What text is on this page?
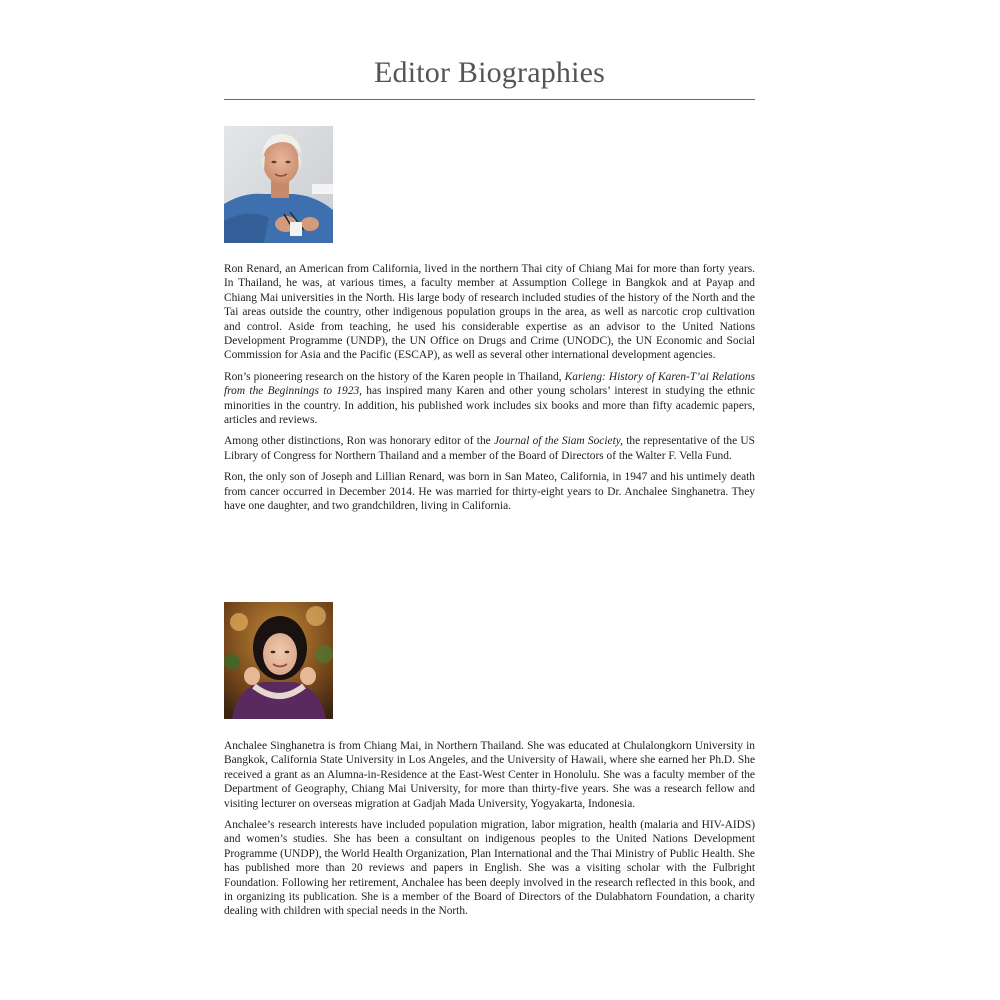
Editor Biographies

Ron Renard, an American from California, lived in the northern Thai city of Chiang Mai for more than forty years. In Thailand, he was, at various times, a faculty member at Assumption College in Bangkok and at Payap and Chiang Mai universities in the North. His large body of research included studies of the history of the North and the Tai areas outside the country, other indigenous population groups in the area, as well as narcotic crop cultivation and control. Aside from teaching, he used his considerable expertise as an advisor to the United Nations Development Programme (UNDP), the UN Office on Drugs and Crime (UNODC), the UN Economic and Social Commission for Asia and the Pacific (ESCAP), as well as several other international development agencies.

Ron’s pioneering research on the history of the Karen people in Thailand, Karieng: History of Karen-T’ai Relations from the Beginnings to 1923, has inspired many Karen and other young scholars’ interest in studying the ethnic minorities in the country. In addition, his published work includes six books and more than fifty academic papers, articles and reviews.

Among other distinctions, Ron was honorary editor of the Journal of the Siam Society, the representative of the US Library of Congress for Northern Thailand and a member of the Board of Directors of the Walter F. Vella Fund.

Ron, the only son of Joseph and Lillian Renard, was born in San Mateo, California, in 1947 and his untimely death from cancer occurred in December 2014. He was married for thirty-eight years to Dr. Anchalee Singhanetra. They have one daughter, and two grandchildren, living in California.

Anchalee Singhanetra is from Chiang Mai, in Northern Thailand. She was educated at Chulalongkorn University in Bangkok, California State University in Los Angeles, and the University of Hawaii, where she earned her Ph.D. She received a grant as an Alumna-in-Residence at the East-West Center in Honolulu. She was a faculty member of the Department of Geography, Chiang Mai University, for more than thirty-five years. She was a research fellow and visiting lecturer on overseas migration at Gadjah Mada University, Yogyakarta, Indonesia.

Anchalee’s research interests have included population migration, labor migration, health (malaria and HIV-AIDS) and women’s studies. She has been a consultant on indigenous peoples to the United Nations Development Programme (UNDP), the World Health Organization, Plan International and the Thai Ministry of Public Health. She has published more than 20 reviews and papers in English. She was a visiting scholar with the Fulbright Foundation. Following her retirement, Anchalee has been deeply involved in the research reflected in this book, and in organizing its publication. She is a member of the Board of Directors of the Dulabhatorn Foundation, a charity dealing with children with special needs in the North.
